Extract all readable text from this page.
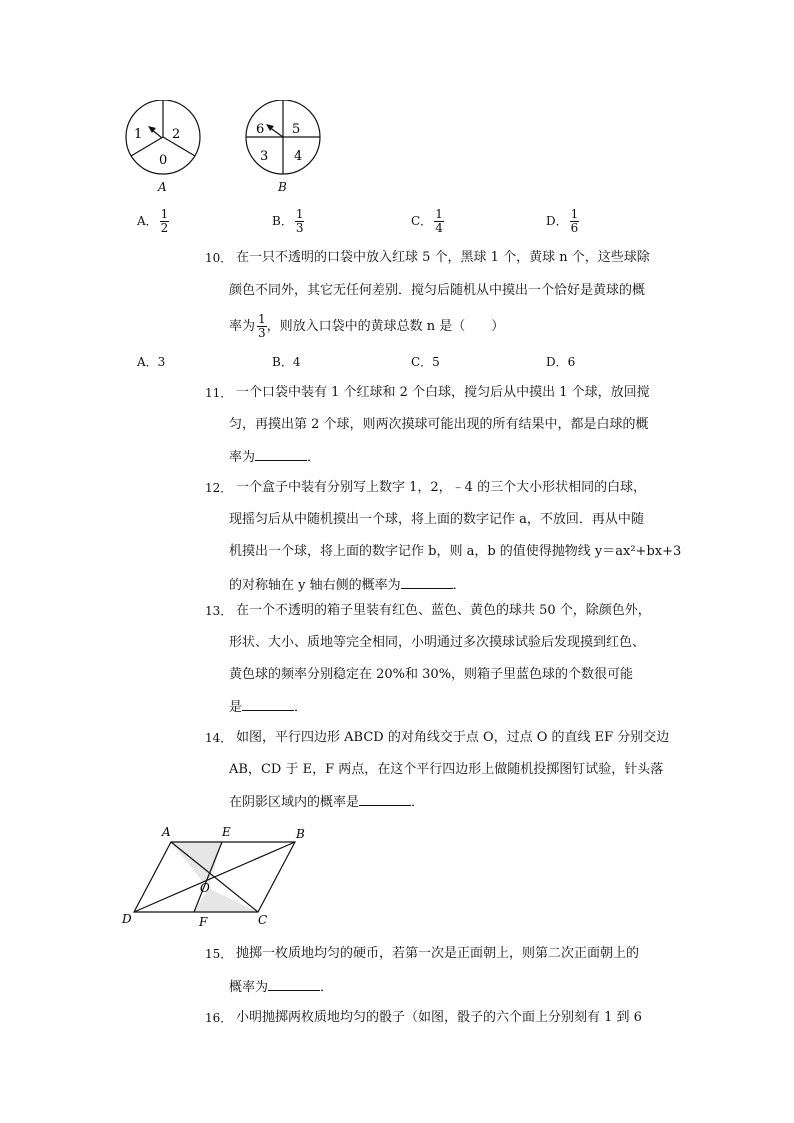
1 2
0
A
6 5
3 4
B
A． $\frac{1}{2}$	B． $\frac{1}{3}$	C． $\frac{1}{4}$	D． $\frac{1}{6}$
10． 在一只不透明的口袋中放入红球 5 个，黑球 1 个，黄球 n 个，这些球除
颜色不同外，其它无任何差别．搅匀后随机从中摸出一个恰好是黄球的概
率为 $\frac{1}{3}$ ，则放入口袋中的黄球总数 n 是（　　）
A．3	B．4	C．5	D．6
11． 一个口袋中装有 1 个红球和 2 个白球，搅匀后从中摸出 1 个球，放回搅
匀，再摸出第 2 个球，则两次摸球可能出现的所有结果中，都是白球的概
率为	．
12． 一个盒子中装有分别写上数字 1，2，﹣4 的三个大小形状相同的白球，
现摇匀后从中随机摸出一个球，将上面的数字记作 a，不放回．再从中随
机摸出一个球，将上面的数字记作 b，则 a，b 的值使得抛物线 y＝ax²+bx+3
的对称轴在 y 轴右侧的概率为	．
13． 在一个不透明的箱子里装有红色、蓝色、黄色的球共 50 个，除颜色外，
形状、大小、质地等完全相同，小明通过多次摸球试验后发现摸到红色、
黄色球的频率分别稳定在 20%和 30%，则箱子里蓝色球的个数很可能
是	．
14． 如图，平行四边形 ABCD 的对角线交于点 O，过点 O 的直线 EF 分别交边
AB，CD 于 E，F 两点，在这个平行四边形上做随机投掷图钉试验，针头落
在阴影区域内的概率是	．
A	E	B
O
D	F	C
15． 抛掷一枚质地均匀的硬币，若第一次是正面朝上，则第二次正面朝上的
概率为	．
16． 小明抛掷两枚质地均匀的骰子（如图，骰子的六个面上分别刻有 1 到 6
